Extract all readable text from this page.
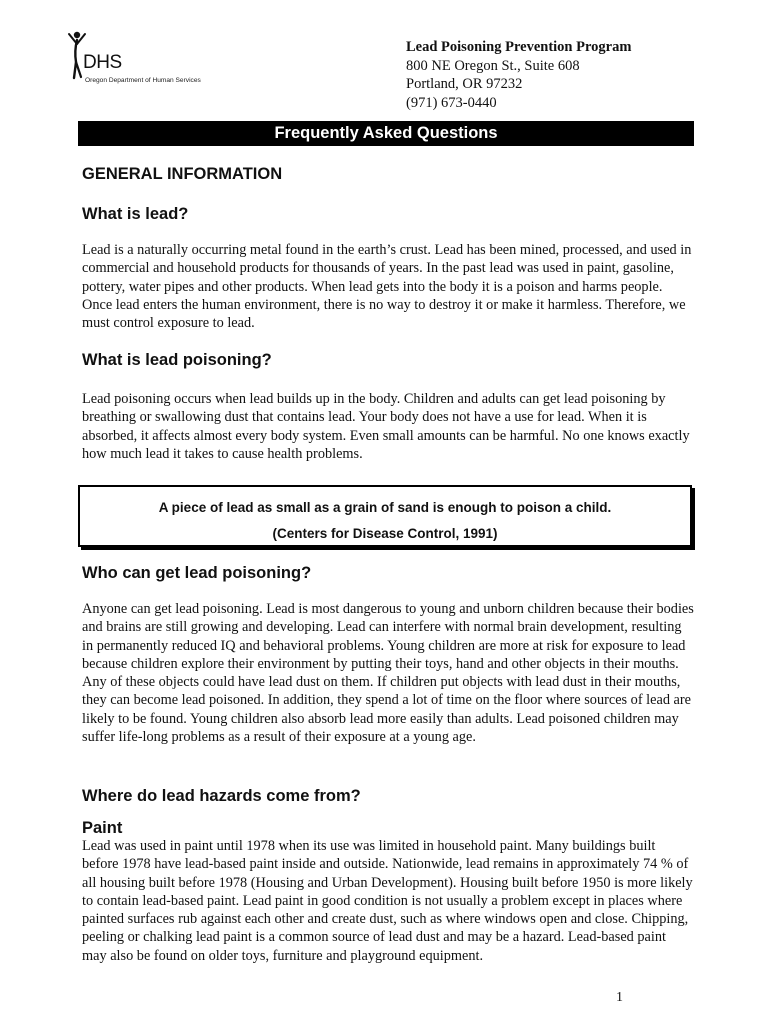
DHS
Oregon Department of Human Services
Lead Poisoning Prevention Program
800 NE Oregon St., Suite 608
Portland, OR 97232
(971) 673-0440
Frequently Asked Questions
GENERAL INFORMATION
What is lead?

Lead is a naturally occurring metal found in the earth’s crust. Lead has been mined, processed, and used in commercial and household products for thousands of years. In the past lead was used in paint, gasoline, pottery, water pipes and other products. When lead gets into the body it is a poison and harms people. Once lead enters the human environment, there is no way to destroy it or make it harmless. Therefore, we must control exposure to lead.

What is lead poisoning?

Lead poisoning occurs when lead builds up in the body. Children and adults can get lead poisoning by breathing or swallowing dust that contains lead. Your body does not have a use for lead. When it is absorbed, it affects almost every body system. Even small amounts can be harmful. No one knows exactly how much lead it takes to cause health problems.

A piece of lead as small as a grain of sand is enough to poison a child.
(Centers for Disease Control, 1991)
Who can get lead poisoning?

Anyone can get lead poisoning. Lead is most dangerous to young and unborn children because their bodies and brains are still growing and developing. Lead can interfere with normal brain development, resulting in permanently reduced IQ and behavioral problems. Young children are more at risk for exposure to lead because children explore their environment by putting their toys, hand and other objects in their mouths. Any of these objects could have lead dust on them. If children put objects with lead dust in their mouths, they can become lead poisoned. In addition, they spend a lot of time on the floor where sources of lead are likely to be found. Young children also absorb lead more easily than adults. Lead poisoned children may suffer life-long problems as a result of their exposure at a young age.

Where do lead hazards come from?
Paint

Lead was used in paint until 1978 when its use was limited in household paint. Many buildings built before 1978 have lead-based paint inside and outside. Nationwide, lead remains in approximately 74 % of all housing built before 1978 (Housing and Urban Development). Housing built before 1950 is more likely to contain lead-based paint. Lead paint in good condition is not usually a problem except in places where painted surfaces rub against each other and create dust, such as where windows open and close. Chipping, peeling or chalking lead paint is a common source of lead dust and may be a hazard. Lead-based paint may also be found on older toys, furniture and playground equipment.

1
